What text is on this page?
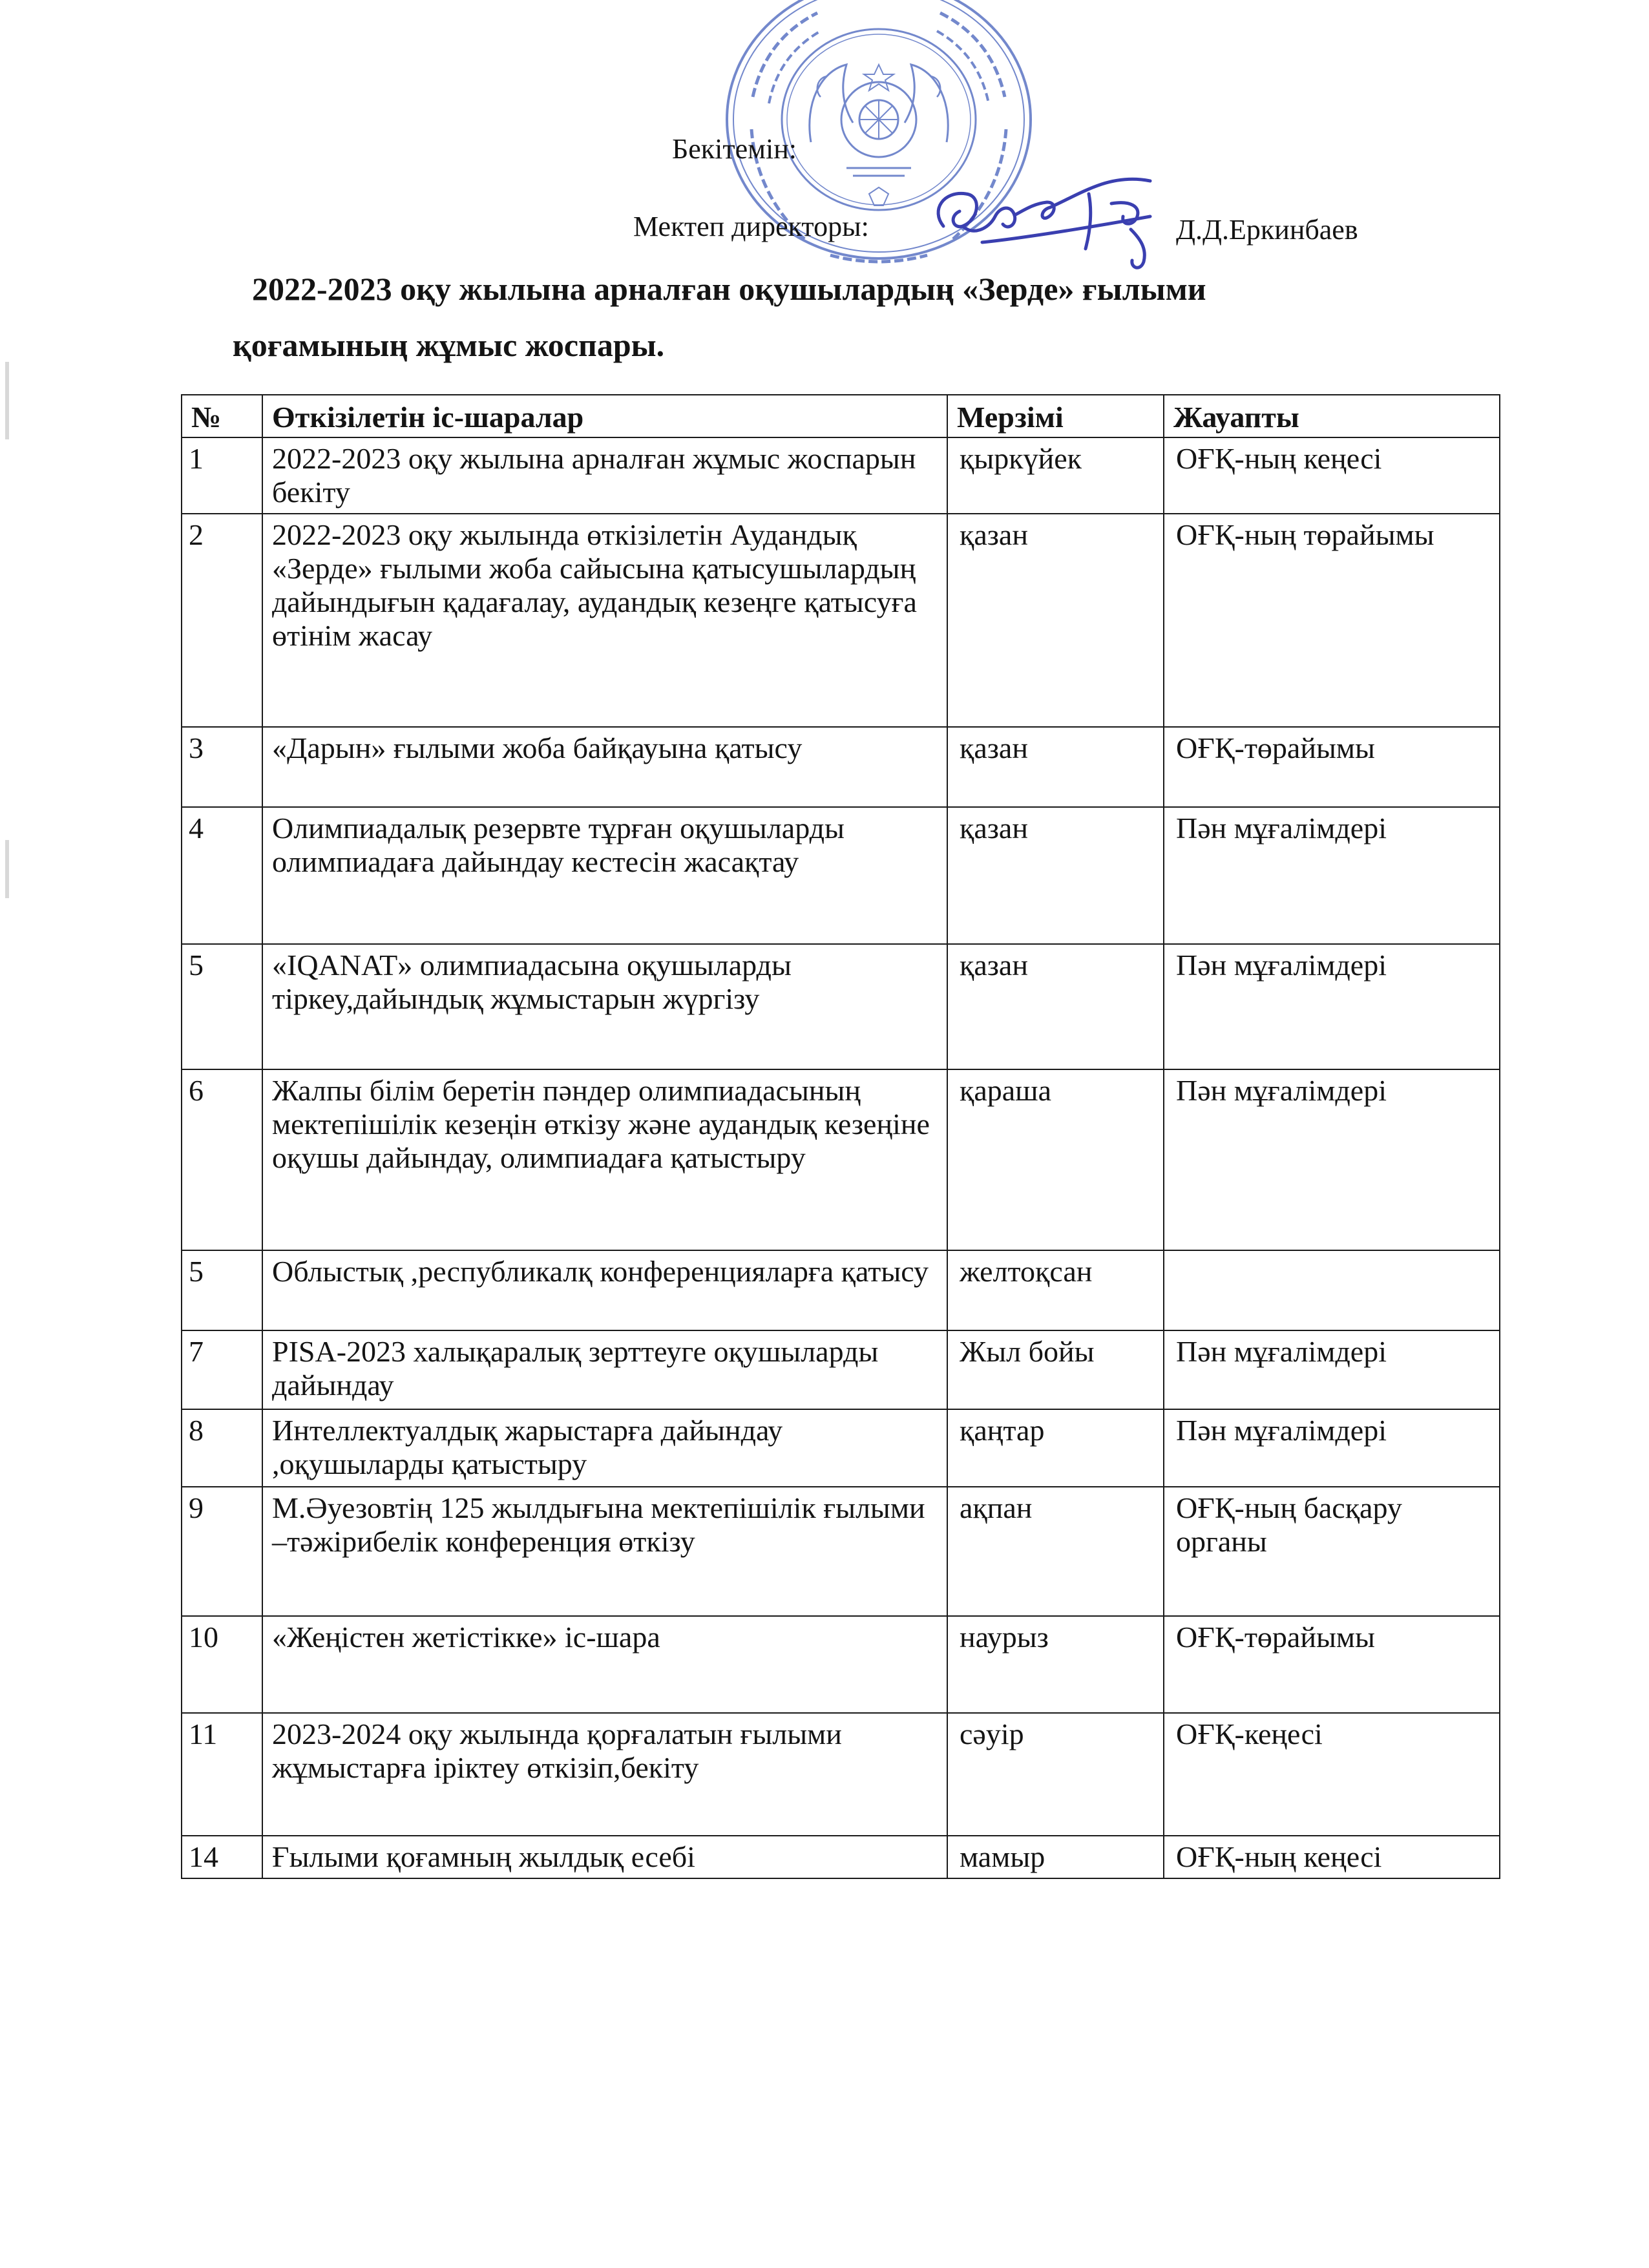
Бекітемін:
Мектеп директоры:	Д.Д.Еркинбаев
2022-2023 оқу жылына арналған оқушылардың «Зерде» ғылыми
қоғамының жұмыс жоспары.
№	Өткізілетін іс-шаралар	Мерзімі	Жауапты
1	2022-2023 оқу жылына арналған жұмыс жоспарын бекіту	қыркүйек	ОҒҚ-ның кеңесі
2	2022-2023 оқу жылында өткізілетін Аудандық «Зерде» ғылыми жоба сайысына қатысушылардың дайындығын қадағалау, аудандық кезеңге қатысуға өтінім жасау	қазан	ОҒҚ-ның төрайымы
3	«Дарын» ғылыми жоба байқауына қатысу	қазан	ОҒҚ-төрайымы
4	Олимпиадалық резервте тұрған оқушыларды олимпиадаға дайындау кестесін жасақтау	қазан	Пән мұғалімдері
5	«IQANAT» олимпиадасына оқушыларды тіркеу,дайындық жұмыстарын жүргізу	қазан	Пән мұғалімдері
6	Жалпы білім беретін пәндер олимпиадасының мектепішілік кезеңін өткізу және аудандық кезеңіне оқушы дайындау, олимпиадаға қатыстыру	қараша	Пән мұғалімдері
5	Облыстық ,республикалқ конференцияларға қатысу	желтоқсан	
7	PISA-2023 халықаралық зерттеуге оқушыларды дайындау	Жыл бойы	Пән мұғалімдері
8	Интеллектуалдық жарыстарға дайындау ,оқушыларды қатыстыру	қаңтар	Пән мұғалімдері
9	М.Әуезовтің 125 жылдығына мектепішілік ғылыми –тәжірибелік конференция өткізу	ақпан	ОҒҚ-ның басқару органы
10	«Жеңістен жетістікке» іс-шара	наурыз	ОҒҚ-төрайымы
11	2023-2024 оқу жылында қорғалатын ғылыми жұмыстарға іріктеу өткізіп,бекіту	сәуір	ОҒҚ-кеңесі
14	Ғылыми қоғамның жылдық есебі	мамыр	ОҒҚ-ның кеңесі
